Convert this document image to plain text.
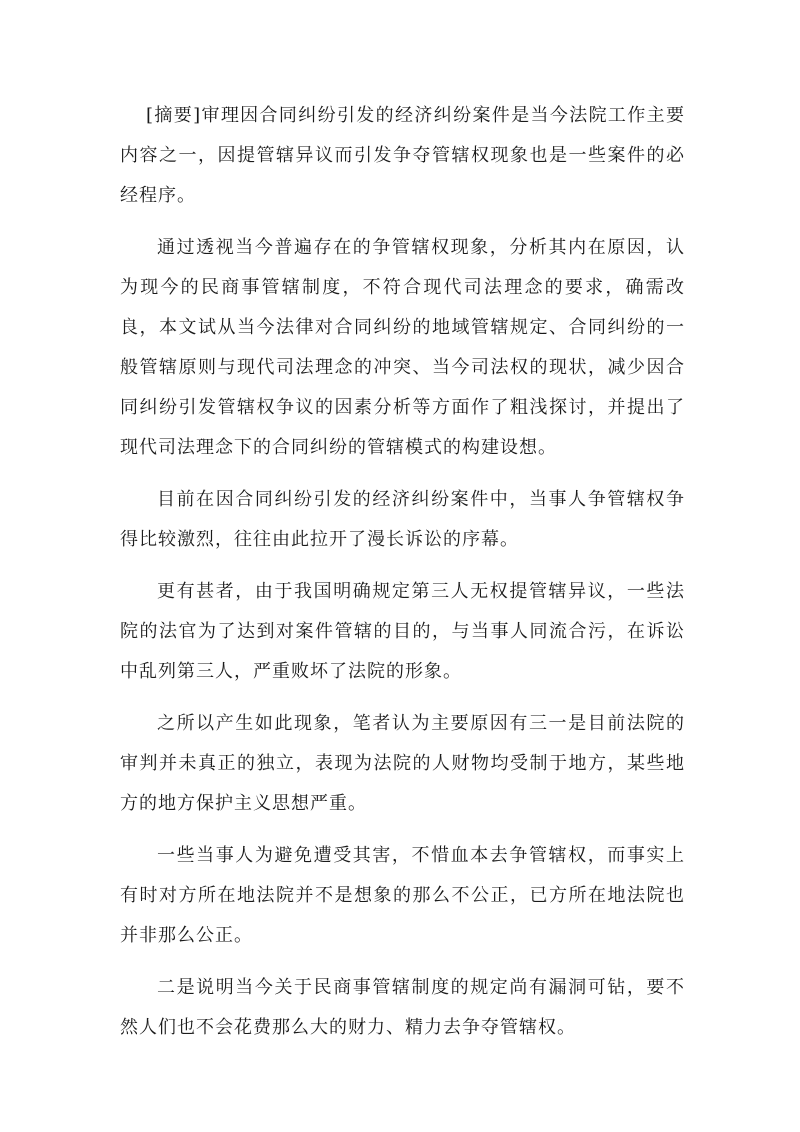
[摘要]审理因合同纠纷引发的经济纠纷案件是当今法院工作主要内容之一，因提管辖异议而引发争夺管辖权现象也是一些案件的必经程序。

通过透视当今普遍存在的争管辖权现象，分析其内在原因，认为现今的民商事管辖制度，不符合现代司法理念的要求，确需改良，本文试从当今法律对合同纠纷的地域管辖规定、合同纠纷的一般管辖原则与现代司法理念的冲突、当今司法权的现状，减少因合同纠纷引发管辖权争议的因素分析等方面作了粗浅探讨，并提出了现代司法理念下的合同纠纷的管辖模式的构建设想。

目前在因合同纠纷引发的经济纠纷案件中，当事人争管辖权争得比较激烈，往往由此拉开了漫长诉讼的序幕。

更有甚者，由于我国明确规定第三人无权提管辖异议，一些法院的法官为了达到对案件管辖的目的，与当事人同流合污，在诉讼中乱列第三人，严重败坏了法院的形象。

之所以产生如此现象，笔者认为主要原因有三一是目前法院的审判并未真正的独立，表现为法院的人财物均受制于地方，某些地方的地方保护主义思想严重。

一些当事人为避免遭受其害，不惜血本去争管辖权，而事实上有时对方所在地法院并不是想象的那么不公正，已方所在地法院也并非那么公正。

二是说明当今关于民商事管辖制度的规定尚有漏洞可钻，要不然人们也不会花费那么大的财力、精力去争夺管辖权。
